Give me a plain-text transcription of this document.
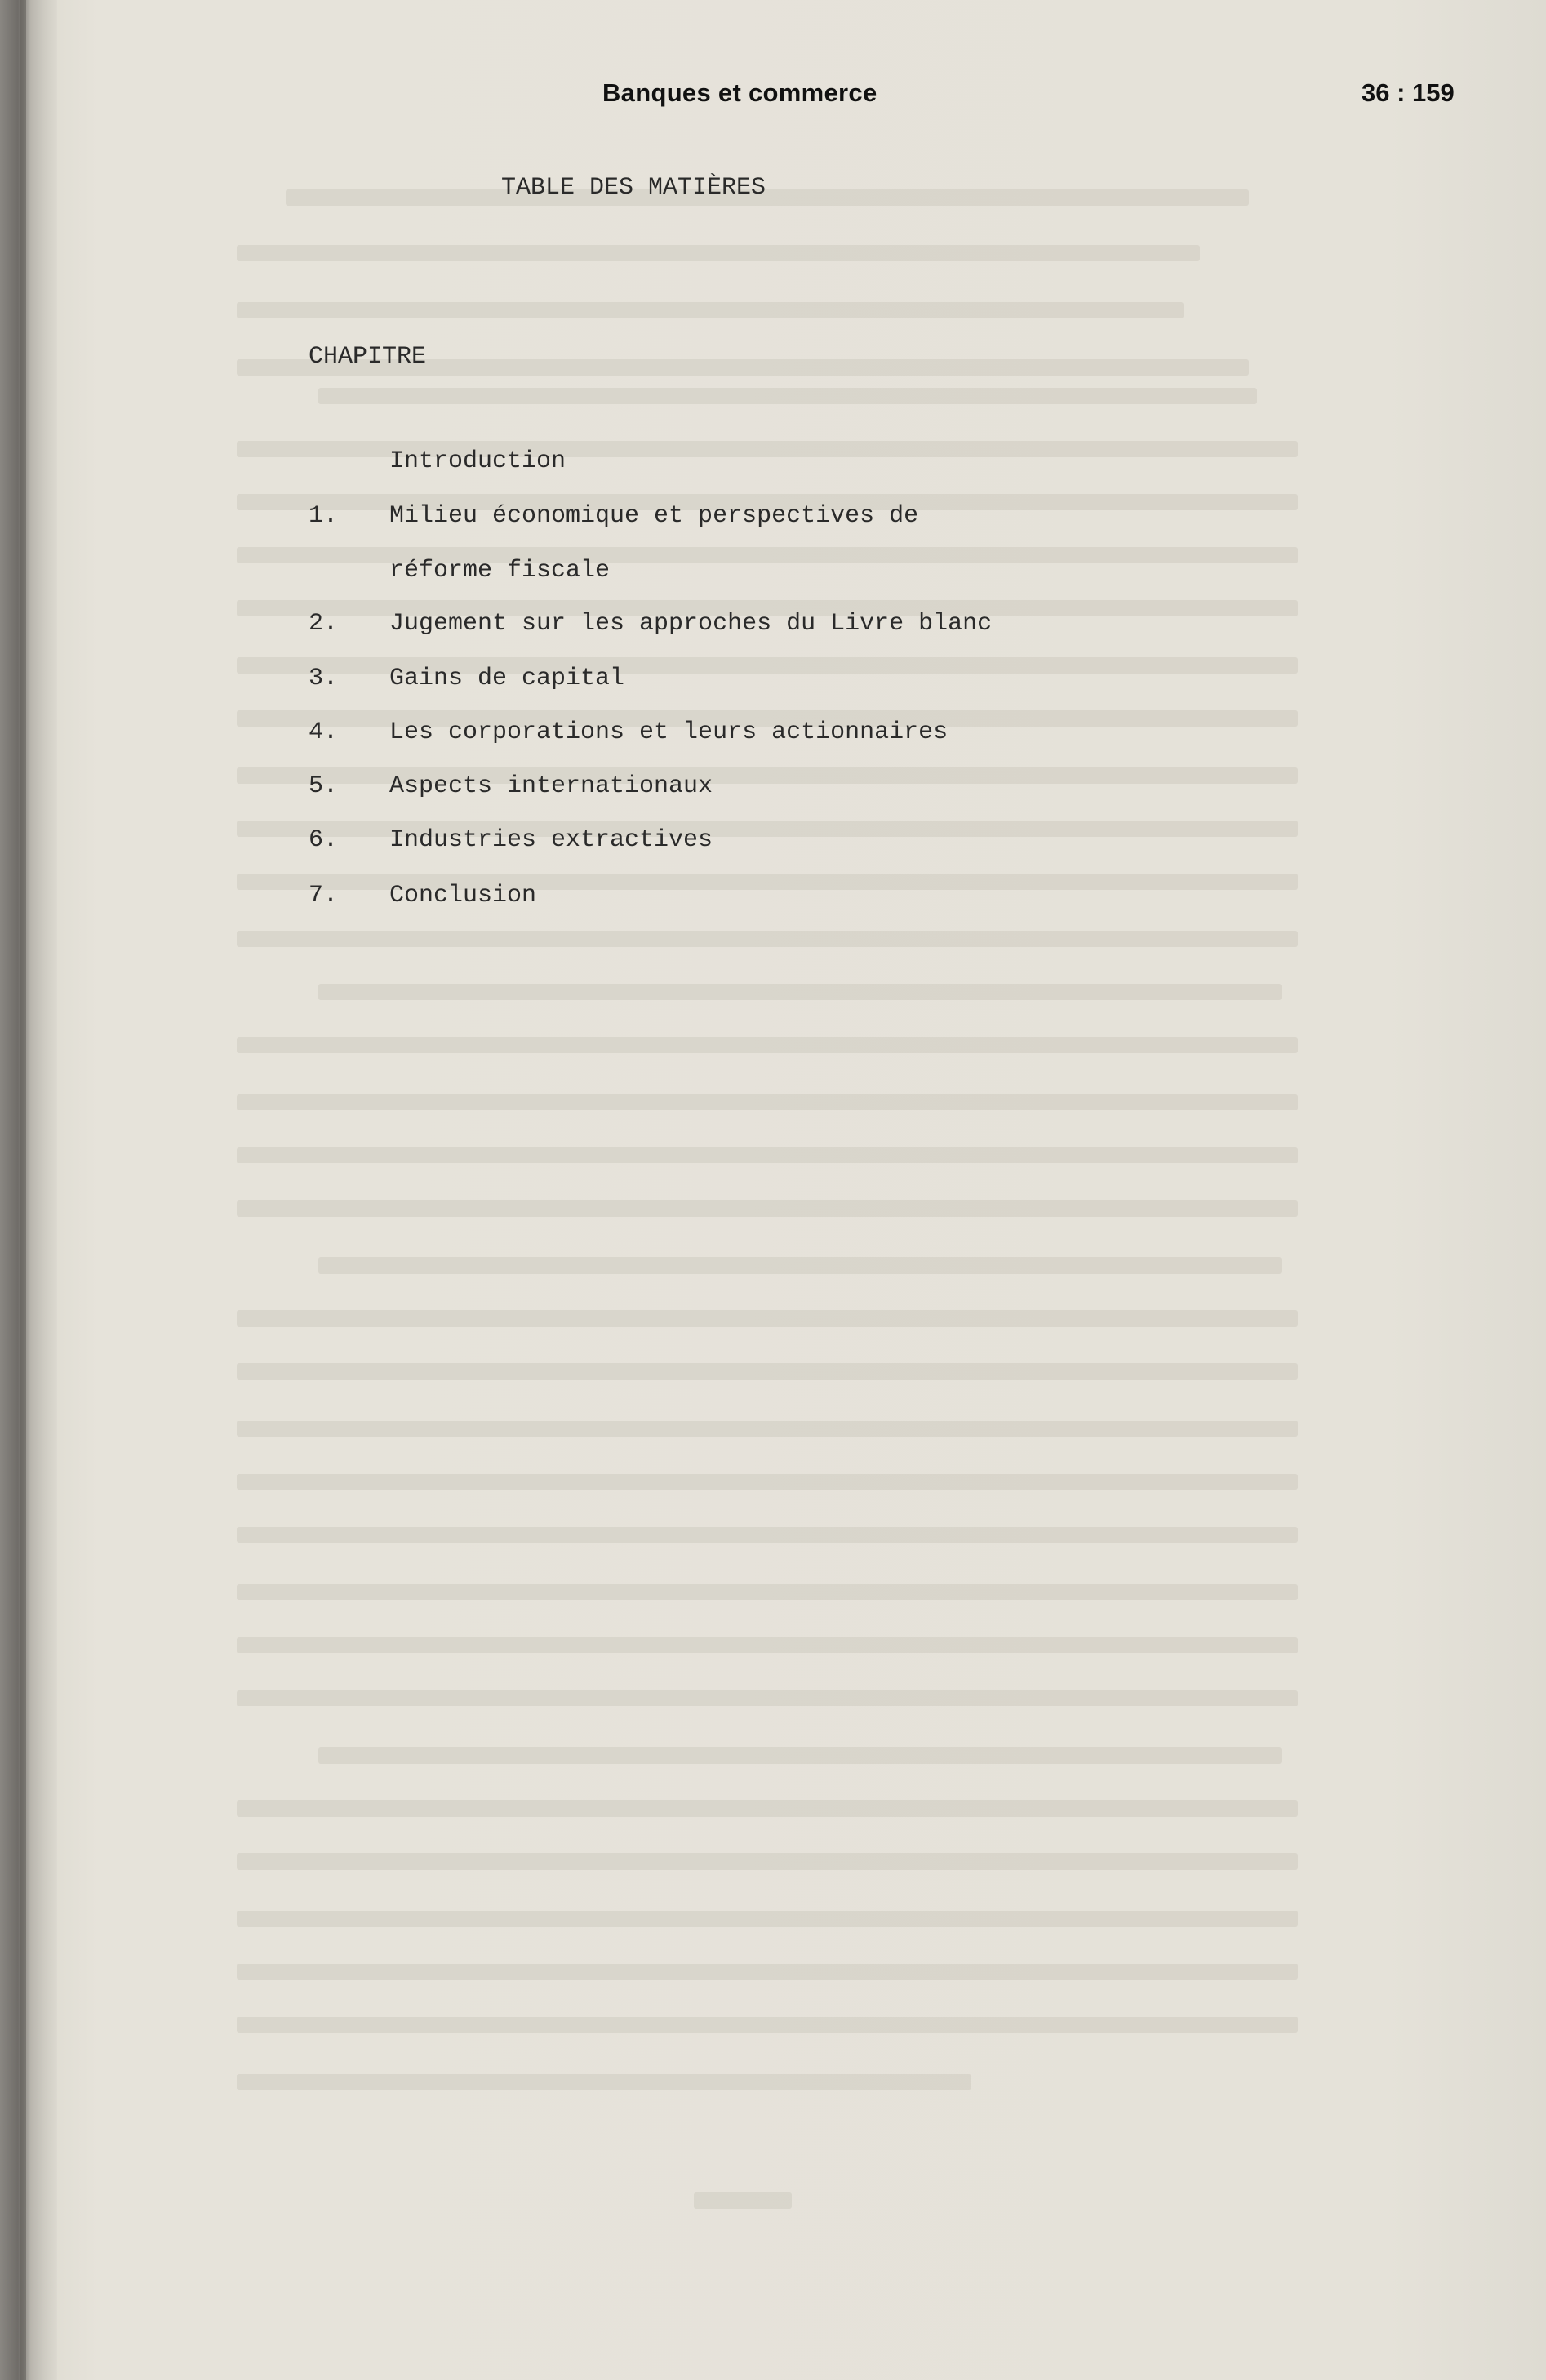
Banques et commerce	36 : 159
TABLE DES MATIÈRES
CHAPITRE
Introduction
1. Milieu économique et perspectives de
réforme fiscale
2. Jugement sur les approches du Livre blanc
3. Gains de capital
4. Les corporations et leurs actionnaires
5. Aspects internationaux
6. Industries extractives
7. Conclusion
